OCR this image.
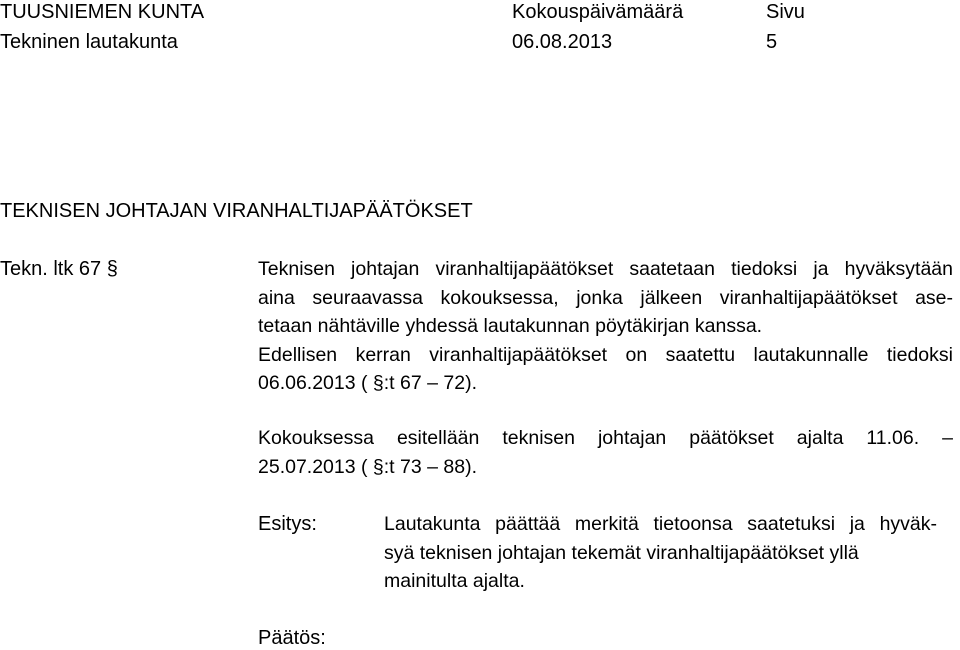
TUUSNIEMEN KUNTA
Tekninen lautakunta
Kokouspäivämäärä
06.08.2013
Sivu
5
TEKNISEN JOHTAJAN VIRANHALTIJAPÄÄTÖKSET
Tekn. ltk 67 §	Teknisen johtajan viranhaltijapäätökset saatetaan tiedoksi ja hyväksytään
aina seuraavassa kokouksessa, jonka jälkeen viranhaltijapäätökset ase-
tetaan nähtäville yhdessä lautakunnan pöytäkirjan kanssa.
Edellisen kerran viranhaltijapäätökset on saatettu lautakunnalle tiedoksi
06.06.2013 ( §:t 67 – 72).
Kokouksessa esitellään teknisen johtajan päätökset ajalta 11.06. –
25.07.2013 ( §:t 73 – 88).
Esitys:	Lautakunta päättää merkitä tietoonsa saatetuksi ja hyväk-
syä teknisen johtajan tekemät viranhaltijapäätökset yllä
mainitulta ajalta.
Päätös:
